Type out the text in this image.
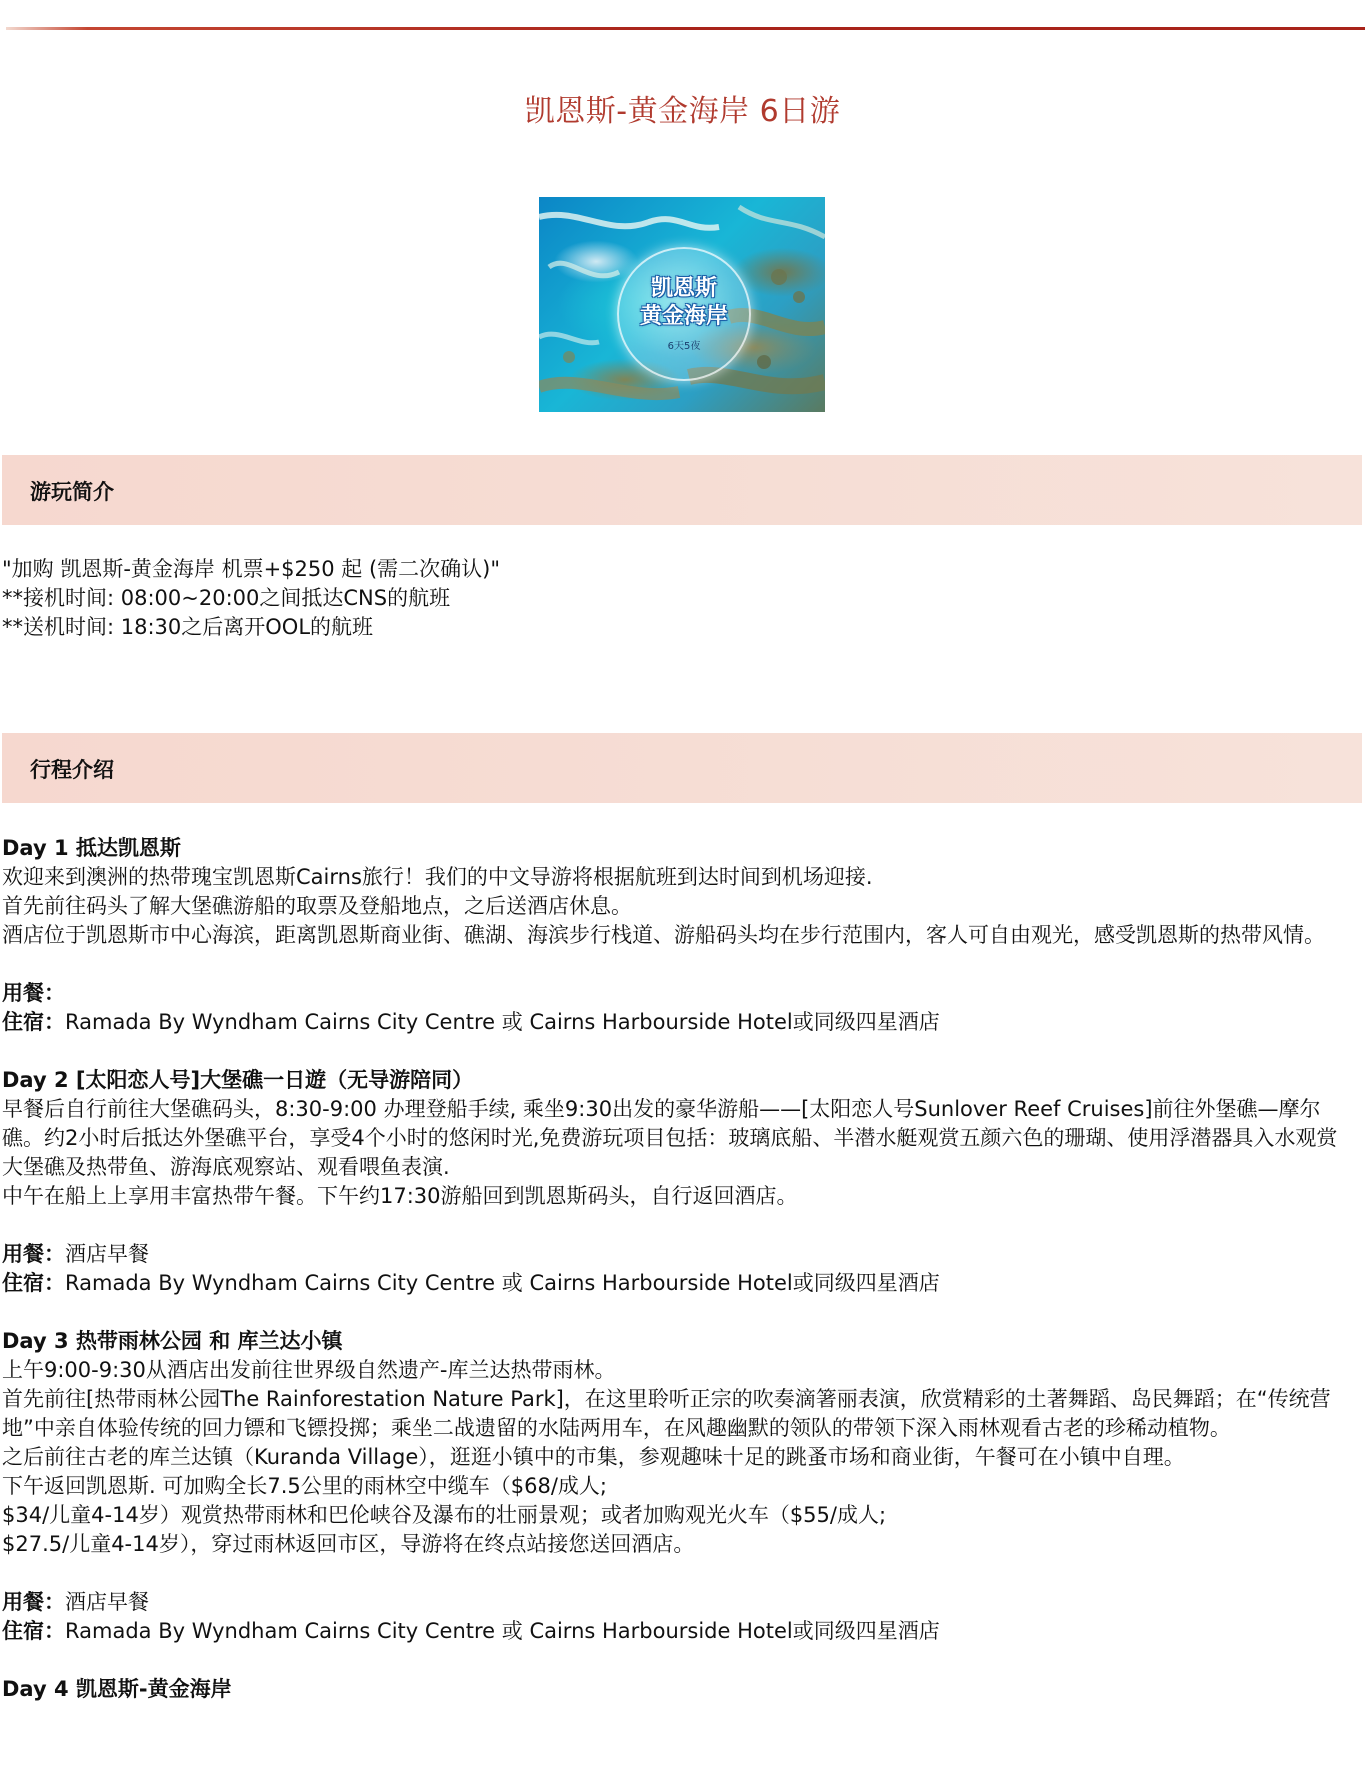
凯恩斯-黄金海岸 6日游
凯恩斯
黄金海岸
6天5夜
游玩简介
"加购 凯恩斯-黄金海岸 机票+$250 起 (需二次确认)"
**接机时间: 08:00~20:00之间抵达CNS的航班
**送机时间: 18:30之后离开OOL的航班
行程介绍
Day 1 抵达凯恩斯
欢迎来到澳洲的热带瑰宝凯恩斯Cairns旅行！我们的中文导游将根据航班到达时间到机场迎接.
首先前往码头了解大堡礁游船的取票及登船地点，之后送酒店休息。
酒店位于凯恩斯市中心海滨，距离凯恩斯商业街、礁湖、海滨步行栈道、游船码头均在步行范围内，客人可自由观光，感受凯恩斯的热带风情。
用餐：
住宿：Ramada By Wyndham Cairns City Centre 或 Cairns Harbourside Hotel或同级四星酒店
Day 2 [太阳恋人号]大堡礁一日遊（无导游陪同）
早餐后自行前往大堡礁码头，8:30-9:00 办理登船手续, 乘坐9:30出发的豪华游船——[太阳恋人号Sunlover Reef Cruises]前往外堡礁—摩尔礁。约2小时后抵达外堡礁平台，享受4个小时的悠闲时光,免费游玩项目包括：玻璃底船、半潜水艇观赏五颜六色的珊瑚、使用浮潜器具入水观赏大堡礁及热带鱼、游海底观察站、观看喂鱼表演.
中午在船上上享用丰富热带午餐。下午约17:30游船回到凯恩斯码头，自行返回酒店。
用餐：酒店早餐
住宿：Ramada By Wyndham Cairns City Centre 或 Cairns Harbourside Hotel或同级四星酒店
Day 3 热带雨林公园 和 库兰达小镇
上午9:00-9:30从酒店出发前往世界级自然遗产-库兰达热带雨林。
首先前往[热带雨林公园The Rainforestation Nature Park]，在这里聆听正宗的吹奏滴箸丽表演，欣赏精彩的土著舞蹈、岛民舞蹈；在“传统营地”中亲自体验传统的回力镖和飞镖投掷；乘坐二战遗留的水陆两用车，在风趣幽默的领队的带领下深入雨林观看古老的珍稀动植物。
之后前往古老的库兰达镇（Kuranda Village），逛逛小镇中的市集，参观趣味十足的跳蚤市场和商业街，午餐可在小镇中自理。
下午返回凯恩斯. 可加购全长7.5公里的雨林空中缆车（$68/成人;
$34/儿童4-14岁）观赏热带雨林和巴伦峡谷及瀑布的壮丽景观；或者加购观光火车（$55/成人;
$27.5/儿童4-14岁），穿过雨林返回市区，导游将在终点站接您送回酒店。
用餐：酒店早餐
住宿：Ramada By Wyndham Cairns City Centre 或 Cairns Harbourside Hotel或同级四星酒店
Day 4 凯恩斯-黄金海岸
